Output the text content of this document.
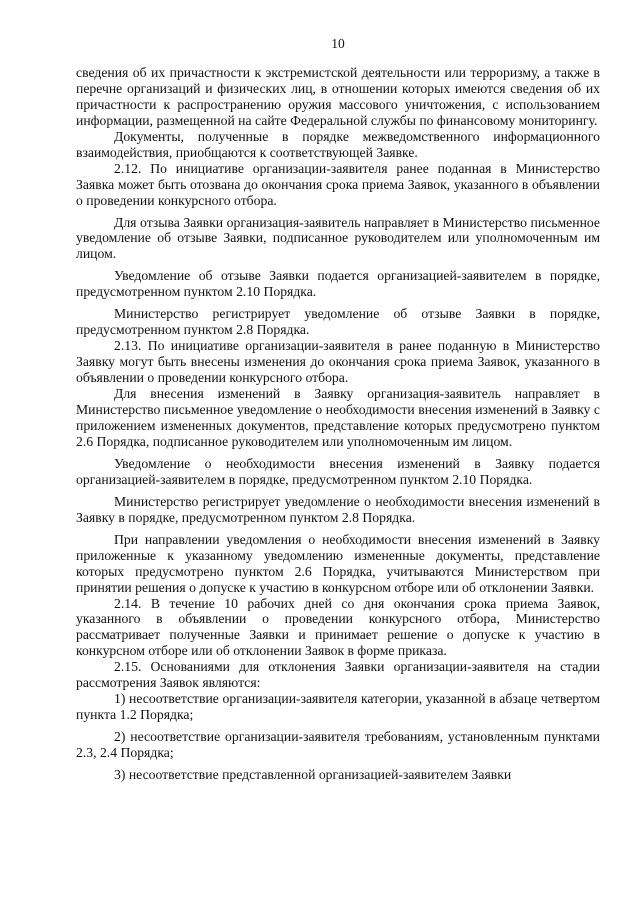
10

сведения об их причастности к экстремистской деятельности или терроризму, а также в перечне организаций и физических лиц, в отношении которых имеются сведения об их причастности к распространению оружия массового уничтожения, с использованием информации, размещенной на сайте Федеральной службы по финансовому мониторингу.

Документы, полученные в порядке межведомственного информационного взаимодействия, приобщаются к соответствующей Заявке.

2.12. По инициативе организации-заявителя ранее поданная в Министерство Заявка может быть отозвана до окончания срока приема Заявок, указанного в объявлении о проведении конкурсного отбора.

Для отзыва Заявки организация-заявитель направляет в Министерство письменное уведомление об отзыве Заявки, подписанное руководителем или уполномоченным им лицом.

Уведомление об отзыве Заявки подается организацией-заявителем в порядке, предусмотренном пунктом 2.10 Порядка.

Министерство регистрирует уведомление об отзыве Заявки в порядке, предусмотренном пунктом 2.8 Порядка.

2.13. По инициативе организации-заявителя в ранее поданную в Министерство Заявку могут быть внесены изменения до окончания срока приема Заявок, указанного в объявлении о проведении конкурсного отбора.

Для внесения изменений в Заявку организация-заявитель направляет в Министерство письменное уведомление о необходимости внесения изменений в Заявку с приложением измененных документов, представление которых предусмотрено пунктом 2.6 Порядка, подписанное руководителем или уполномоченным им лицом.

Уведомление о необходимости внесения изменений в Заявку подается организацией-заявителем в порядке, предусмотренном пунктом 2.10 Порядка.

Министерство регистрирует уведомление о необходимости внесения изменений в Заявку в порядке, предусмотренном пунктом 2.8 Порядка.

При направлении уведомления о необходимости внесения изменений в Заявку приложенные к указанному уведомлению измененные документы, представление которых предусмотрено пунктом 2.6 Порядка, учитываются Министерством при принятии решения о допуске к участию в конкурсном отборе или об отклонении Заявки.

2.14. В течение 10 рабочих дней со дня окончания срока приема Заявок, указанного в объявлении о проведении конкурсного отбора, Министерство рассматривает полученные Заявки и принимает решение о допуске к участию в конкурсном отборе или об отклонении Заявок в форме приказа.

2.15. Основаниями для отклонения Заявки организации-заявителя на стадии рассмотрения Заявок являются:

1) несоответствие организации-заявителя категории, указанной в абзаце четвертом пункта 1.2 Порядка;

2) несоответствие организации-заявителя требованиям, установленным пунктами 2.3, 2.4 Порядка;

3) несоответствие представленной организацией-заявителем Заявки
